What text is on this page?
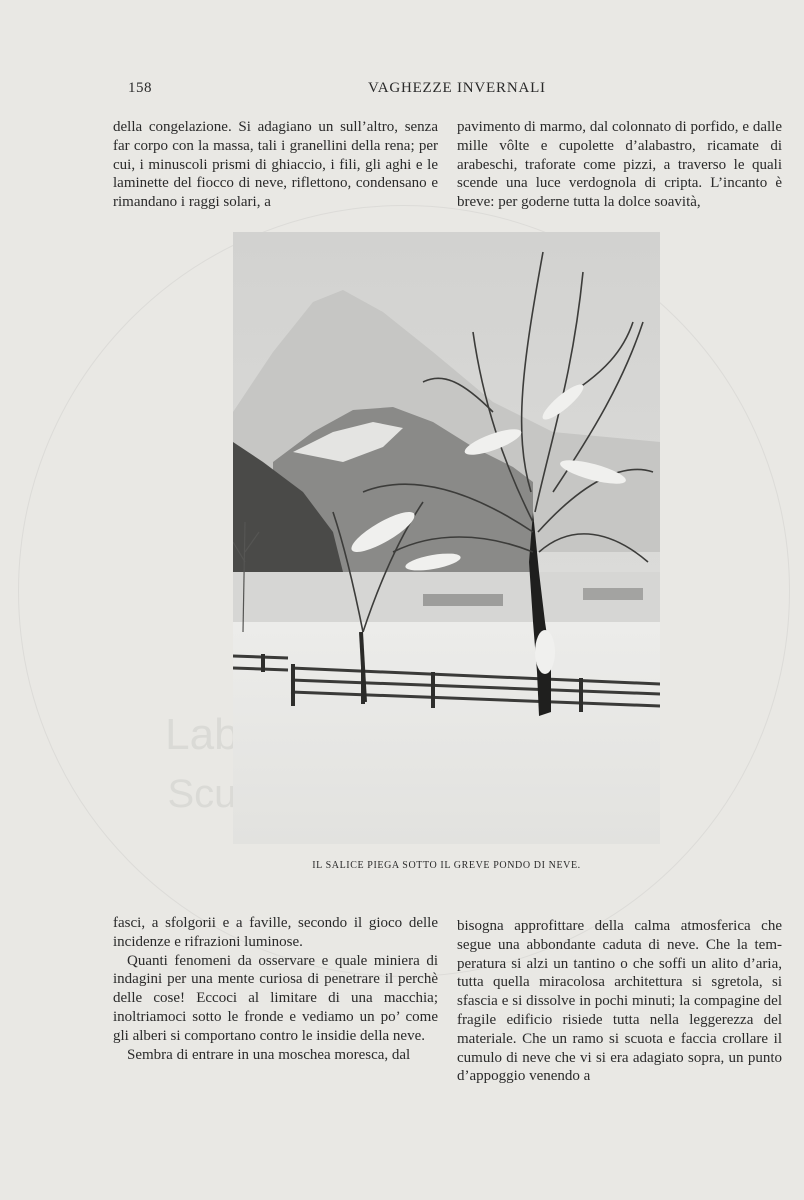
Scuola
158	VAGHEZZE INVERNALI

della congelazione. Si adagiano un sull’altro, senza far corpo con la massa, tali i granellini della rena; per cui, i minuscoli prismi di ghiaccio, i fili, gli aghi e le laminette del fiocco di neve, riflettono, condensano e rimandano i raggi solari, a

pavimento di marmo, dal colonnato di porfido, e dalle mille vôlte e cupolette d’alabastro, ricamate di arabeschi, traforate come pizzi, a traverso le quali scende una luce verdognola di cripta. L’incanto è breve: per goderne tutta la dolce soavità,

IL SALICE PIEGA SOTTO IL GREVE PONDO DI NEVE.

fasci, a sfolgorii e a faville, secondo il gioco delle incidenze e rifrazioni luminose.

Quanti fenomeni da osservare e quale miniera di indagini per una mente curiosa di penetrare il perchè delle cose! Eccoci al limitare di una macchia; inoltriamoci sotto le fronde e vediamo un po’ come gli alberi si comportano contro le insidie della neve.

Sembra di entrare in una moschea moresca, dal

bisogna approfittare della calma atmosferica che segue una abbondante caduta di neve. Che la temperatura si alzi un tantino o che soffi un alito d’aria, tutta quella miracolosa architettura si sgretola, si sfascia e si dissolve in pochi minuti; la compagine del fragile edificio risiede tutta nella leggerezza del materiale. Che un ramo si scuota e faccia crollare il cumulo di neve che vi si era adagiato sopra, un punto d’appoggio venendo a
